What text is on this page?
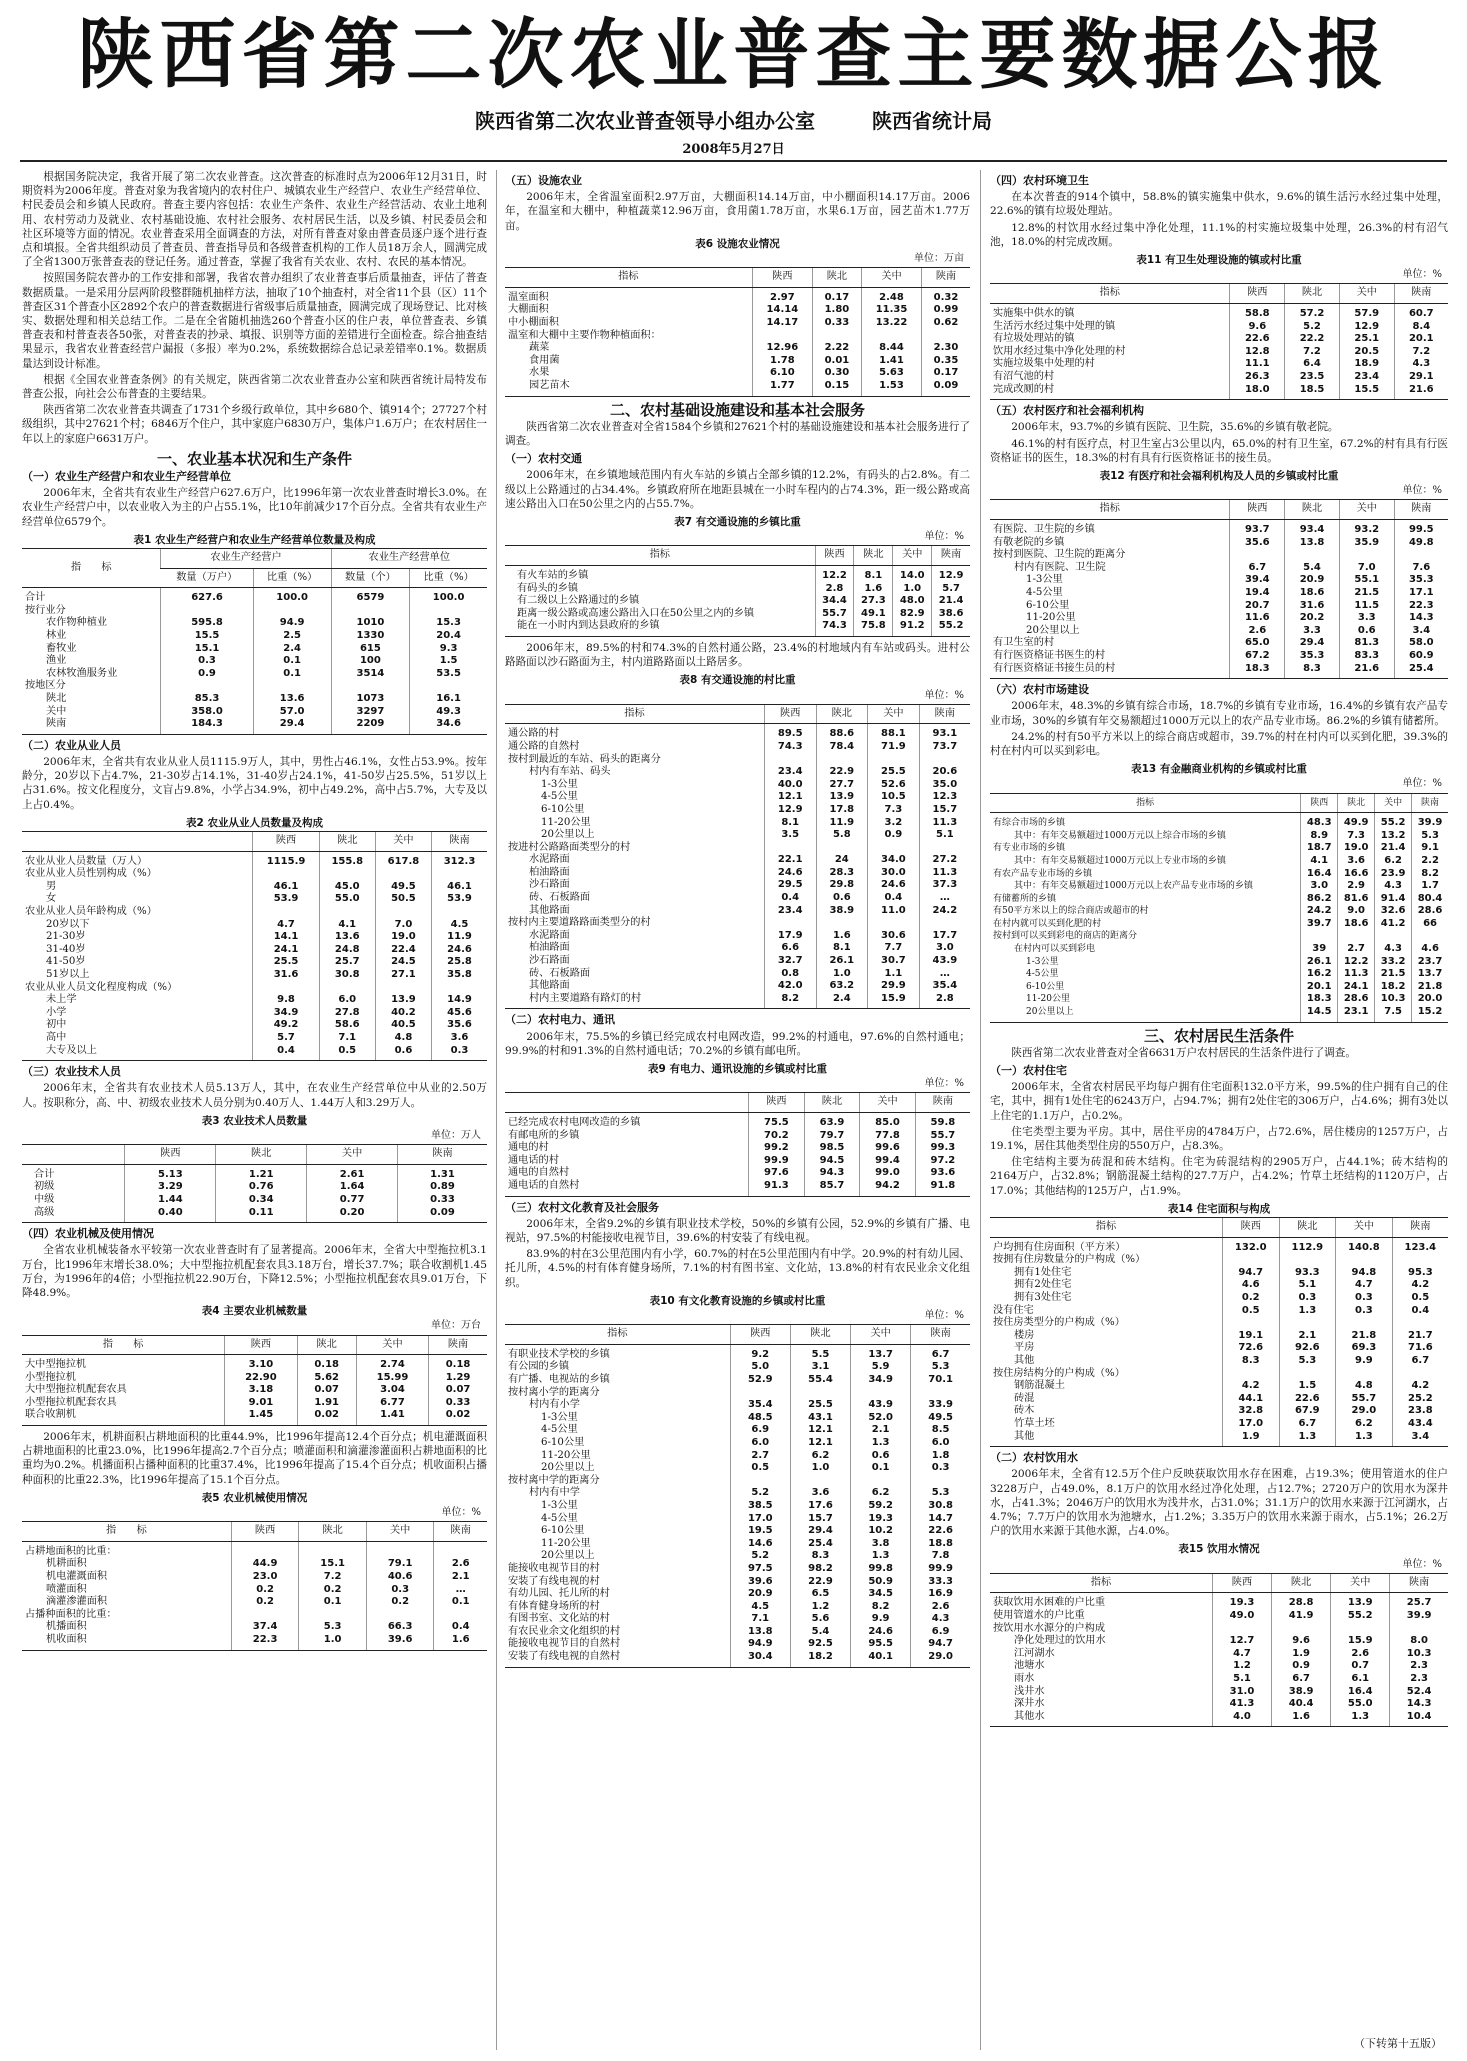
陕西省第二次农业普查主要数据公报
陕西省第二次农业普查领导小组办公室	陕西省统计局
2008年5月27日

根据国务院决定，我省开展了第二次农业普查。这次普查的标准时点为2006年12月31日，时期资料为2006年度。普查对象为我省境内的农村住户、城镇农业生产经营户、农业生产经营单位、村民委员会和乡镇人民政府。普查主要内容包括：农业生产条件、农业生产经营活动、农业土地利用、农村劳动力及就业、农村基础设施、农村社会服务、农村居民生活，以及乡镇、村民委员会和社区环境等方面的情况。农业普查采用全面调查的方法，对所有普查对象由普查员逐户逐个进行查点和填报。全省共组织动员了普查员、普查指导员和各级普查机构的工作人员18万余人，圆满完成了全省1300万张普查表的登记任务。通过普查，掌握了我省有关农业、农村、农民的基本情况。

按照国务院农普办的工作安排和部署，我省农普办组织了农业普查事后质量抽查，评估了普查数据质量。一是采用分层两阶段整群随机抽样方法，抽取了10个抽查村，对全省11个县（区）11个普查区31个普查小区2892个农户的普查数据进行省级事后质量抽查，圆满完成了现场登记、比对核实、数据处理和相关总结工作。二是在全省随机抽选260个普查小区的住户表，单位普查表、乡镇普查表和村普查表各50张，对普查表的抄录、填报、识别等方面的差错进行全面检查。综合抽查结果显示，我省农业普查经营户漏报（多报）率为0.2%，系统数据综合总记录差错率0.1%。数据质量达到设计标准。

根据《全国农业普查条例》的有关规定，陕西省第二次农业普查办公室和陕西省统计局特发布普查公报，向社会公布普查的主要结果。

陕西省第二次农业普查共调查了1731个乡级行政单位，其中乡680个、镇914个；27727个村级组织，其中27621个村；6846万个住户，其中家庭户6830万户，集体户1.6万户；在农村居住一年以上的家庭户6631万户。

一、农业基本状况和生产条件
（一）农业生产经营户和农业生产经营单位

2006年末，全省共有农业生产经营户627.6万户，比1996年第一次农业普查时增长3.0%。在农业生产经营户中，以农业收入为主的户占55.1%，比10年前减少17个百分点。全省共有农业生产经营单位6579个。

表1 农业生产经营户和农业生产经营单位数量及构成
指　　标	农业生产经营户		农业生产经营单位	
	数量（万户）	比重（%）	数量（个）	比重（%）
合计	627.6	100.0	6579	100.0
按行业分				
农作物种植业	595.8	94.9	1010	15.3
林业	15.5	2.5	1330	20.4
畜牧业	15.1	2.4	615	9.3
渔业	0.3	0.1	100	1.5
农林牧渔服务业	0.9	0.1	3514	53.5
按地区分				
陕北	85.3	13.6	1073	16.1
关中	358.0	57.0	3297	49.3
陕南	184.3	29.4	2209	34.6
（二）农业从业人员

2006年末，全省共有农业从业人员1115.9万人，其中，男性占46.1%，女性占53.9%。按年龄分，20岁以下占4.7%，21-30岁占14.1%，31-40岁占24.1%，41-50岁占25.5%，51岁以上占31.6%。按文化程度分，文盲占9.8%，小学占34.9%，初中占49.2%，高中占5.7%，大专及以上占0.4%。

表2 农业从业人员数量及构成
	陕西	陕北	关中	陕南
农业从业人员数量（万人）	1115.9	155.8	617.8	312.3
农业从业人员性别构成（%）				
男	46.1	45.0	49.5	46.1
女	53.9	55.0	50.5	53.9
农业从业人员年龄构成（%）				
20岁以下	4.7	4.1	7.0	4.5
21-30岁	14.1	13.6	19.0	11.9
31-40岁	24.1	24.8	22.4	24.6
41-50岁	25.5	25.7	24.5	25.8
51岁以上	31.6	30.8	27.1	35.8
农业从业人员文化程度构成（%）				
未上学	9.8	6.0	13.9	14.9
小学	34.9	27.8	40.2	45.6
初中	49.2	58.6	40.5	35.6
高中	5.7	7.1	4.8	3.6
大专及以上	0.4	0.5	0.6	0.3
（三）农业技术人员

2006年末，全省共有农业技术人员5.13万人，其中，在农业生产经营单位中从业的2.50万人。按职称分，高、中、初级农业技术人员分别为0.40万人、1.44万人和3.29万人。

表3 农业技术人员数量
单位：万人
	陕西	陕北	关中	陕南
合计	5.13	1.21	2.61	1.31
初级	3.29	0.76	1.64	0.89
中级	1.44	0.34	0.77	0.33
高级	0.40	0.11	0.20	0.09
（四）农业机械及使用情况

全省农业机械装备水平较第一次农业普查时有了显著提高。2006年末，全省大中型拖拉机3.1万台，比1996年末增长38.0%；大中型拖拉机配套农具3.18万台，增长37.7%；联合收割机1.45万台，为1996年的4倍；小型拖拉机22.90万台，下降12.5%；小型拖拉机配套农具9.01万台，下降48.9%。

表4 主要农业机械数量
单位：万台
指　　标	陕西	陕北	关中	陕南
大中型拖拉机	3.10	0.18	2.74	0.18
小型拖拉机	22.90	5.62	15.99	1.29
大中型拖拉机配套农具	3.18	0.07	3.04	0.07
小型拖拉机配套农具	9.01	1.91	6.77	0.33
联合收割机	1.45	0.02	1.41	0.02

2006年末，机耕面积占耕地面积的比重44.9%，比1996年提高12.4个百分点；机电灌溉面积占耕地面积的比重23.0%，比1996年提高2.7个百分点；喷灌面积和滴灌渗灌面积占耕地面积的比重均为0.2%。机播面积占播种面积的比重37.4%，比1996年提高了15.4个百分点；机收面积占播种面积的比重22.3%，比1996年提高了15.1个百分点。

表5 农业机械使用情况
单位：%
指　　标	陕西	陕北	关中	陕南
占耕地面积的比重：				
机耕面积	44.9	15.1	79.1	2.6
机电灌溉面积	23.0	7.2	40.6	2.1
喷灌面积	0.2	0.2	0.3	…
滴灌渗灌面积	0.2	0.1	0.2	0.1
占播种面积的比重：				
机播面积	37.4	5.3	66.3	0.4
机收面积	22.3	1.0	39.6	1.6
（五）设施农业

2006年末，全省温室面积2.97万亩，大棚面积14.14万亩，中小棚面积14.17万亩。2006年，在温室和大棚中，种植蔬菜12.96万亩，食用菌1.78万亩，水果6.1万亩，园艺苗木1.77万亩。

表6 设施农业情况
单位：万亩
指标	陕西	陕北	关中	陕南
温室面积	2.97	0.17	2.48	0.32
大棚面积	14.14	1.80	11.35	0.99
中小棚面积	14.17	0.33	13.22	0.62
温室和大棚中主要作物种植面积：				
蔬菜	12.96	2.22	8.44	2.30
食用菌	1.78	0.01	1.41	0.35
水果	6.10	0.30	5.63	0.17
园艺苗木	1.77	0.15	1.53	0.09
二、农村基础设施建设和基本社会服务

陕西省第二次农业普查对全省1584个乡镇和27621个村的基础设施建设和基本社会服务进行了调查。

（一）农村交通

2006年末，在乡镇地域范围内有火车站的乡镇占全部乡镇的12.2%，有码头的占2.8%。有二级以上公路通过的占34.4%。乡镇政府所在地距县城在一小时车程内的占74.3%，距一级公路或高速公路出入口在50公里之内的占55.7%。

表7 有交通设施的乡镇比重
单位：%
指标	陕西	陕北	关中	陕南
有火车站的乡镇	12.2	8.1	14.0	12.9
有码头的乡镇	2.8	1.6	1.0	5.7
有二级以上公路通过的乡镇	34.4	27.3	48.0	21.4
距离一级公路或高速公路出入口在50公里之内的乡镇	55.7	49.1	82.9	38.6
能在一小时内到达县政府的乡镇	74.3	75.8	91.2	55.2

2006年末，89.5%的村和74.3%的自然村通公路，23.4%的村地域内有车站或码头。进村公路路面以沙石路面为主，村内道路路面以土路居多。

表8 有交通设施的村比重
单位：%
指标	陕西	陕北	关中	陕南
通公路的村	89.5	88.6	88.1	93.1
通公路的自然村	74.3	78.4	71.9	73.7
按村到最近的车站、码头的距离分				
村内有车站、码头	23.4	22.9	25.5	20.6
1-3公里	40.0	27.7	52.6	35.0
4-5公里	12.1	13.9	10.5	12.3
6-10公里	12.9	17.8	7.3	15.7
11-20公里	8.1	11.9	3.2	11.3
20公里以上	3.5	5.8	0.9	5.1
按进村公路路面类型分的村				
水泥路面	22.1	24	34.0	27.2
柏油路面	24.6	28.3	30.0	11.3
沙石路面	29.5	29.8	24.6	37.3
砖、石板路面	0.4	0.6	0.4	…
其他路面	23.4	38.9	11.0	24.2
按村内主要道路路面类型分的村				
水泥路面	17.9	1.6	30.6	17.7
柏油路面	6.6	8.1	7.7	3.0
沙石路面	32.7	26.1	30.7	43.9
砖、石板路面	0.8	1.0	1.1	…
其他路面	42.0	63.2	29.9	35.4
村内主要道路有路灯的村	8.2	2.4	15.9	2.8
（二）农村电力、通讯

2006年末，75.5%的乡镇已经完成农村电网改造，99.2%的村通电，97.6%的自然村通电；99.9%的村和91.3%的自然村通电话；70.2%的乡镇有邮电所。

表9 有电力、通讯设施的乡镇或村比重
单位：%
	陕西	陕北	关中	陕南
已经完成农村电网改造的乡镇	75.5	63.9	85.0	59.8
有邮电所的乡镇	70.2	79.7	77.8	55.7
通电的村	99.2	98.5	99.6	99.3
通电话的村	99.9	94.5	99.4	97.2
通电的自然村	97.6	94.3	99.0	93.6
通电话的自然村	91.3	85.7	94.2	91.8
（三）农村文化教育及社会服务

2006年末，全省9.2%的乡镇有职业技术学校，50%的乡镇有公园，52.9%的乡镇有广播、电视站，97.5%的村能接收电视节目，39.6%的村安装了有线电视。

83.9%的村在3公里范围内有小学，60.7%的村在5公里范围内有中学。20.9%的村有幼儿园、托儿所，4.5%的村有体育健身场所，7.1%的村有图书室、文化站，13.8%的村有农民业余文化组织。

表10 有文化教育设施的乡镇或村比重
单位：%
指标	陕西	陕北	关中	陕南
有职业技术学校的乡镇	9.2	5.5	13.7	6.7
有公园的乡镇	5.0	3.1	5.9	5.3
有广播、电视站的乡镇	52.9	55.4	34.9	70.1
按村离小学的距离分				
村内有小学	35.4	25.5	43.9	33.9
1-3公里	48.5	43.1	52.0	49.5
4-5公里	6.9	12.1	2.1	8.5
6-10公里	6.0	12.1	1.3	6.0
11-20公里	2.7	6.2	0.6	1.8
20公里以上	0.5	1.0	0.1	0.3
按村离中学的距离分				
村内有中学	5.2	3.6	6.2	5.3
1-3公里	38.5	17.6	59.2	30.8
4-5公里	17.0	15.7	19.3	14.7
6-10公里	19.5	29.4	10.2	22.6
11-20公里	14.6	25.4	3.8	18.8
20公里以上	5.2	8.3	1.3	7.8
能接收电视节目的村	97.5	98.2	99.8	99.9
安装了有线电视的村	39.6	22.9	50.9	33.3
有幼儿园、托儿所的村	20.9	6.5	34.5	16.9
有体育健身场所的村	4.5	1.2	8.2	2.6
有图书室、文化站的村	7.1	5.6	9.9	4.3
有农民业余文化组织的村	13.8	5.4	24.6	6.9
能接收电视节目的自然村	94.9	92.5	95.5	94.7
安装了有线电视的自然村	30.4	18.2	40.1	29.0
（四）农村环境卫生

在本次普查的914个镇中，58.8%的镇实施集中供水，9.6%的镇生活污水经过集中处理，22.6%的镇有垃圾处理站。

12.8%的村饮用水经过集中净化处理，11.1%的村实施垃圾集中处理，26.3%的村有沼气池，18.0%的村完成改厕。

表11 有卫生处理设施的镇或村比重
单位：%
指标	陕西	陕北	关中	陕南
实施集中供水的镇	58.8	57.2	57.9	60.7
生活污水经过集中处理的镇	9.6	5.2	12.9	8.4
有垃圾处理站的镇	22.6	22.2	25.1	20.1
饮用水经过集中净化处理的村	12.8	7.2	20.5	7.2
实施垃圾集中处理的村	11.1	6.4	18.9	4.3
有沼气池的村	26.3	23.5	23.4	29.1
完成改厕的村	18.0	18.5	15.5	21.6
（五）农村医疗和社会福利机构

2006年末，93.7%的乡镇有医院、卫生院，35.6%的乡镇有敬老院。

46.1%的村有医疗点，村卫生室占3公里以内，65.0%的村有卫生室，67.2%的村有具有行医资格证书的医生，18.3%的村有具有行医资格证书的接生员。

表12 有医疗和社会福利机构及人员的乡镇或村比重
单位：%
指标	陕西	陕北	关中	陕南
有医院、卫生院的乡镇	93.7	93.4	93.2	99.5
有敬老院的乡镇	35.6	13.8	35.9	49.8
按村到医院、卫生院的距离分				
村内有医院、卫生院	6.7	5.4	7.0	7.6
1-3公里	39.4	20.9	55.1	35.3
4-5公里	19.4	18.6	21.5	17.1
6-10公里	20.7	31.6	11.5	22.3
11-20公里	11.6	20.2	3.3	14.3
20公里以上	2.6	3.3	0.6	3.4
有卫生室的村	65.0	29.4	81.3	58.0
有行医资格证书医生的村	67.2	35.3	83.3	60.9
有行医资格证书接生员的村	18.3	8.3	21.6	25.4
（六）农村市场建设

2006年末，48.3%的乡镇有综合市场，18.7%的乡镇有专业市场，16.4%的乡镇有农产品专业市场，30%的乡镇有年交易额超过1000万元以上的农产品专业市场。86.2%的乡镇有储蓄所。

24.2%的村有50平方米以上的综合商店或超市，39.7%的村在村内可以买到化肥，39.3%的村在村内可以买到彩电。

表13 有金融商业机构的乡镇或村比重
单位：%
指标	陕西	陕北	关中	陕南
有综合市场的乡镇	48.3	49.9	55.2	39.9
其中：有年交易额超过1000万元以上综合市场的乡镇	8.9	7.3	13.2	5.3
有专业市场的乡镇	18.7	19.0	21.4	9.1
其中：有年交易额超过1000万元以上专业市场的乡镇	4.1	3.6	6.2	2.2
有农产品专业市场的乡镇	16.4	16.6	23.9	8.2
其中：有年交易额超过1000万元以上农产品专业市场的乡镇	3.0	2.9	4.3	1.7
有储蓄所的乡镇	86.2	81.6	91.4	80.4
有50平方米以上的综合商店或超市的村	24.2	9.0	32.6	28.6
在村内就可以买到化肥的村	39.7	18.6	41.2	66
按村到可以买到彩电的商店的距离分				
在村内可以买到彩电	39	2.7	4.3	4.6
1-3公里	26.1	12.2	33.2	23.7
4-5公里	16.2	11.3	21.5	13.7
6-10公里	20.1	24.1	18.2	21.8
11-20公里	18.3	28.6	10.3	20.0
20公里以上	14.5	23.1	7.5	15.2
三、农村居民生活条件

陕西省第二次农业普查对全省6631万户农村居民的生活条件进行了调查。

（一）农村住宅

2006年末，全省农村居民平均每户拥有住宅面积132.0平方米，99.5%的住户拥有自己的住宅，其中，拥有1处住宅的6243万户，占94.7%；拥有2处住宅的306万户，占4.6%；拥有3处以上住宅的1.1万户，占0.2%。

住宅类型主要为平房。其中，居住平房的4784万户，占72.6%，居住楼房的1257万户，占19.1%，居住其他类型住房的550万户，占8.3%。

住宅结构主要为砖混和砖木结构。住宅为砖混结构的2905万户，占44.1%；砖木结构的2164万户，占32.8%；钢筋混凝土结构的27.7万户，占4.2%；竹草土坯结构的1120万户，占17.0%；其他结构的125万户，占1.9%。

表14 住宅面积与构成
指标	陕西	陕北	关中	陕南
户均拥有住房面积（平方米）	132.0	112.9	140.8	123.4
按拥有住房数量分的户构成（%）				
拥有1处住宅	94.7	93.3	94.8	95.3
拥有2处住宅	4.6	5.1	4.7	4.2
拥有3处住宅	0.2	0.3	0.3	0.5
没有住宅	0.5	1.3	0.3	0.4
按住房类型分的户构成（%）				
楼房	19.1	2.1	21.8	21.7
平房	72.6	92.6	69.3	71.6
其他	8.3	5.3	9.9	6.7
按住房结构分的户构成（%）				
钢筋混凝土	4.2	1.5	4.8	4.2
砖混	44.1	22.6	55.7	25.2
砖木	32.8	67.9	29.0	23.8
竹草土坯	17.0	6.7	6.2	43.4
其他	1.9	1.3	1.3	3.4
（二）农村饮用水

2006年末，全省有12.5万个住户反映获取饮用水存在困难，占19.3%；使用管道水的住户3228万户，占49.0%，8.1万户的饮用水经过净化处理，占12.7%；2720万户的饮用水为深井水，占41.3%；2046万户的饮用水为浅井水，占31.0%；31.1万户的饮用水来源于江河湖水，占4.7%；7.7万户的饮用水为池塘水，占1.2%；3.35万户的饮用水来源于雨水，占5.1%；26.2万户的饮用水来源于其他水源，占4.0%。

表15 饮用水情况
单位：%
指标	陕西	陕北	关中	陕南
获取饮用水困难的户比重	19.3	28.8	13.9	25.7
使用管道水的户比重	49.0	41.9	55.2	39.9
按饮用水水源分的户构成				
净化处理过的饮用水	12.7	9.6	15.9	8.0
江河湖水	4.7	1.9	2.6	10.3
池塘水	1.2	0.9	0.7	2.3
雨水	5.1	6.7	6.1	2.3
浅井水	31.0	38.9	16.4	52.4
深井水	41.3	40.4	55.0	14.3
其他水	4.0	1.6	1.3	10.4
（下转第十五版）
